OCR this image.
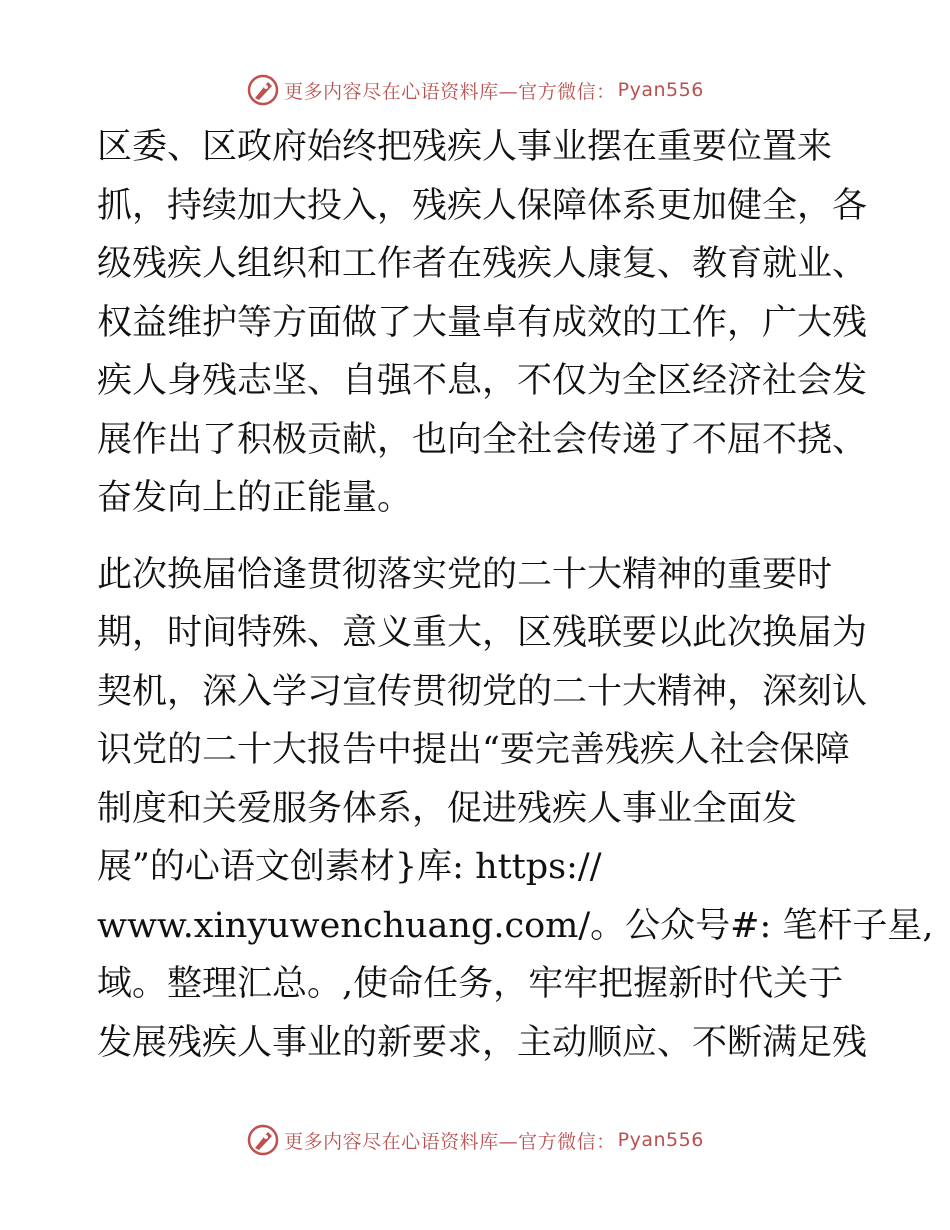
更多内容尽在心语资料库—官方微信： Pyan556
区委、区政府始终把残疾人事业摆在重要位置来
抓，持续加大投入，残疾人保障体系更加健全，各
级残疾人组织和工作者在残疾人康复、教育就业、
权益维护等方面做了大量卓有成效的工作，广大残
疾人身残志坚、自强不息，不仅为全区经济社会发
展作出了积极贡献，也向全社会传递了不屈不挠、
奋发向上的正能量。
此次换届恰逢贯彻落实党的二十大精神的重要时
期，时间特殊、意义重大，区残联要以此次换届为
契机，深入学习宣传贯彻党的二十大精神，深刻认
识党的二十大报告中提出“要完善残疾人社会保障
制度和关爱服务体系，促进残疾人事业全面发
展”的心语文创素材}库: https://
www.xinyuwenchuang.com/。公众号#: 笔杆子星,
域。整理汇总。,使命任务，牢牢把握新时代关于
发展残疾人事业的新要求，主动顺应、不断满足残
更多内容尽在心语资料库—官方微信： Pyan556
